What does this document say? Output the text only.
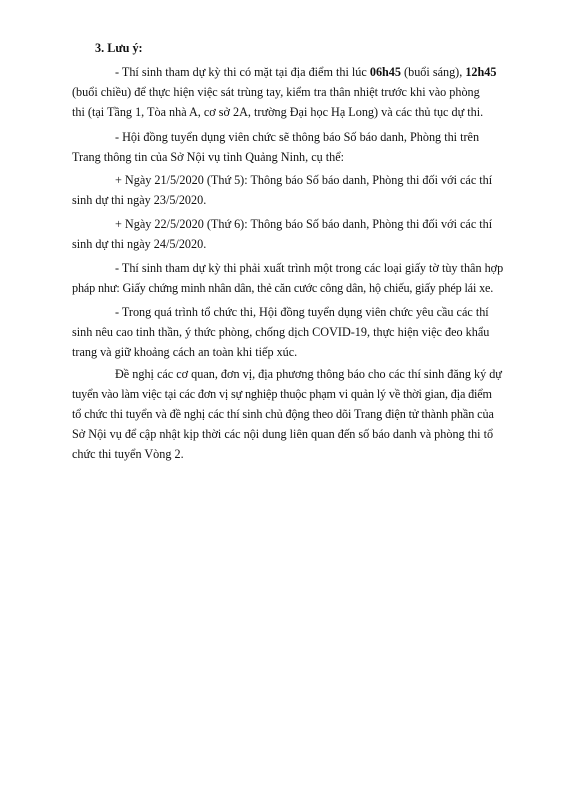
3. Lưu ý:

- Thí sinh tham dự kỳ thi có mặt tại địa điểm thi lúc 06h45 (buổi sáng), 12h45

(buổi chiều) để thực hiện việc sát trùng tay, kiểm tra thân nhiệt trước khi vào phòng

thi (tại Tầng 1, Tòa nhà A, cơ sở 2A, trường Đại học Hạ Long) và các thủ tục dự thi.

- Hội đồng tuyển dụng viên chức sẽ thông báo Số báo danh, Phòng thi trên

Trang thông tin của Sở Nội vụ tỉnh Quảng Ninh, cụ thể:

+ Ngày 21/5/2020 (Thứ 5): Thông báo Số báo danh, Phòng thi đối với các thí

sinh dự thi ngày 23/5/2020.

+ Ngày 22/5/2020 (Thứ 6): Thông báo Số báo danh, Phòng thi đối với các thí

sinh dự thi ngày 24/5/2020.

- Thí sinh tham dự kỳ thi phải xuất trình một trong các loại giấy tờ tùy thân hợp

pháp như: Giấy chứng minh nhân dân, thẻ căn cước công dân, hộ chiếu, giấy phép lái xe.

- Trong quá trình tổ chức thi, Hội đồng tuyển dụng viên chức yêu cầu các thí

sinh nêu cao tinh thần, ý thức phòng, chống dịch COVID-19, thực hiện việc đeo khẩu

trang và giữ khoảng cách an toàn khi tiếp xúc.

Đề nghị các cơ quan, đơn vị, địa phương thông báo cho các thí sinh đăng ký dự

tuyển vào làm việc tại các đơn vị sự nghiệp thuộc phạm vi quản lý về thời gian, địa điểm

tổ chức thi tuyển và đề nghị các thí sinh chủ động theo dõi Trang điện tử thành phần của

Sở Nội vụ để cập nhật kịp thời các nội dung liên quan đến số báo danh và phòng thi tổ

chức thi tuyển Vòng 2.
